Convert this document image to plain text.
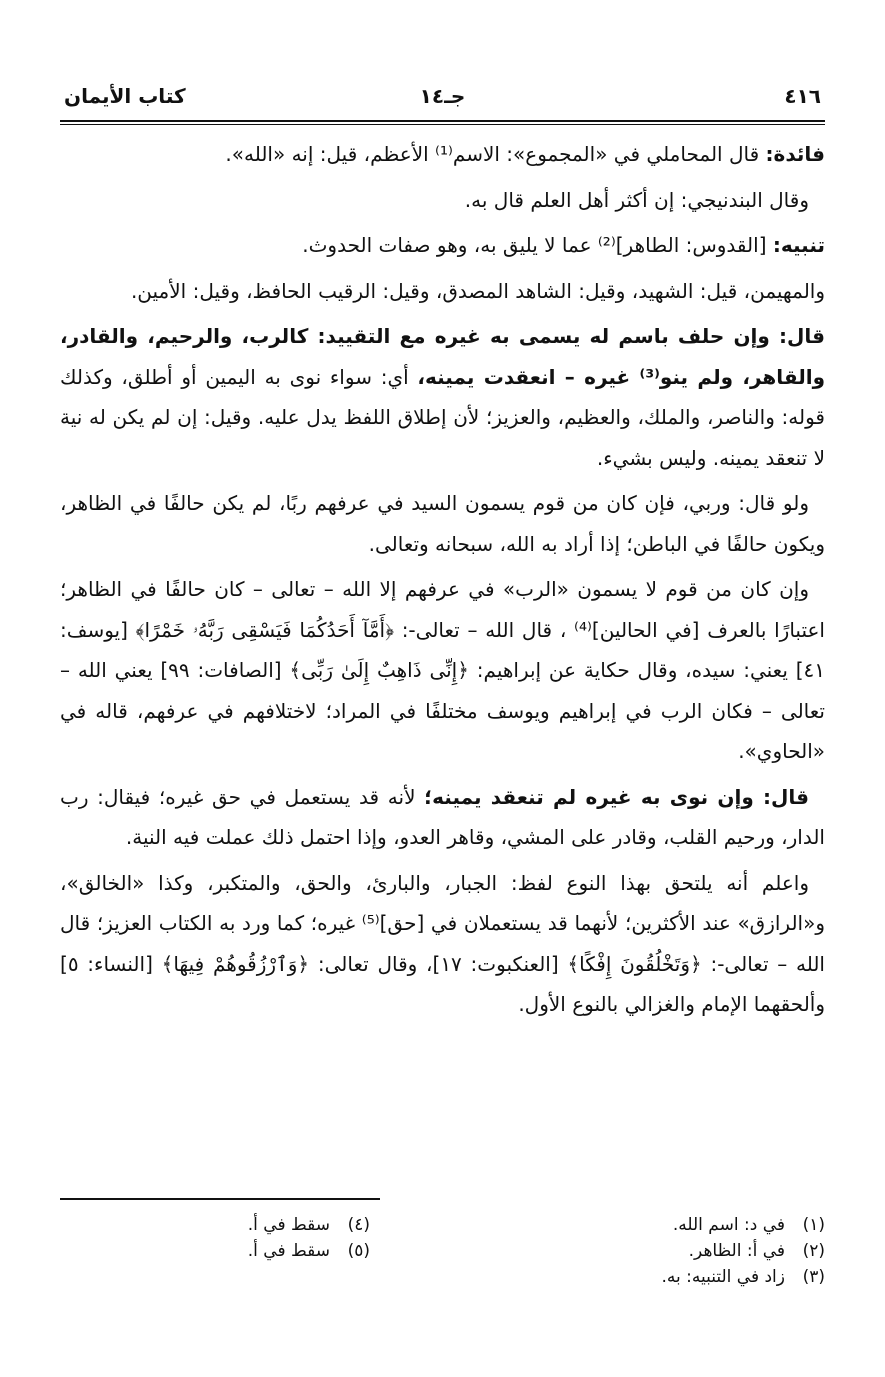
٤١٦
جـ١٤
كتاب الأيمان

فائدة: قال المحاملي في «المجموع»: الاسم⁽¹⁾ الأعظم، قيل: إنه «الله».

وقال البندنيجي: إن أكثر أهل العلم قال به.

تنبيه: [القدوس: الطاهر]⁽²⁾ عما لا يليق به، وهو صفات الحدوث.

والمهيمن، قيل: الشهيد، وقيل: الشاهد المصدق، وقيل: الرقيب الحافظ، وقيل: الأمين.

قال: وإن حلف باسم له يسمى به غيره مع التقييد: كالرب، والرحيم، والقادر، والقاهر، ولم ينو⁽³⁾ غيره – انعقدت يمينه، أي: سواء نوى به اليمين أو أطلق، وكذلك قوله: والناصر، والملك، والعظيم، والعزيز؛ لأن إطلاق اللفظ يدل عليه. وقيل: إن لم يكن له نية لا تنعقد يمينه. وليس بشيء.

ولو قال: وربي، فإن كان من قوم يسمون السيد في عرفهم ربًا، لم يكن حالفًا في الظاهر، ويكون حالفًا في الباطن؛ إذا أراد به الله، سبحانه وتعالى.

وإن كان من قوم لا يسمون «الرب» في عرفهم إلا الله – تعالى – كان حالفًا في الظاهر؛ اعتبارًا بالعرف [في الحالين]⁽⁴⁾ ، قال الله – تعالى-: ﴿أَمَّآ أَحَدُكُمَا فَيَسْقِى رَبَّهُۥ خَمْرًا﴾ [يوسف: ٤١] يعني: سيده، وقال حكاية عن إبراهيم: ﴿إِنِّى ذَاهِبٌ إِلَىٰ رَبِّى﴾ [الصافات: ٩٩] يعني الله – تعالى – فكان الرب في إبراهيم ويوسف مختلفًا في المراد؛ لاختلافهم في عرفهم، قاله في «الحاوي».

قال: وإن نوى به غيره لم تنعقد يمينه؛ لأنه قد يستعمل في حق غيره؛ فيقال: رب الدار، ورحيم القلب، وقادر على المشي، وقاهر العدو، وإذا احتمل ذلك عملت فيه النية.

واعلم أنه يلتحق بهذا النوع لفظ: الجبار، والبارئ، والحق، والمتكبر، وكذا «الخالق»، و«الرازق» عند الأكثرين؛ لأنهما قد يستعملان في [حق]⁽⁵⁾ غيره؛ كما ورد به الكتاب العزيز؛ قال الله – تعالى-: ﴿وَتَخْلُقُونَ إِفْكًا﴾ [العنكبوت: ١٧]، وقال تعالى: ﴿وَٱرْزُقُوهُمْ فِيهَا﴾ [النساء: ٥] وألحقهما الإمام والغزالي بالنوع الأول.

(١)في د: اسم الله.
(٢)في أ: الظاهر.
(٣)زاد في التنبيه: به.
(٤)سقط في أ.
(٥)سقط في أ.
